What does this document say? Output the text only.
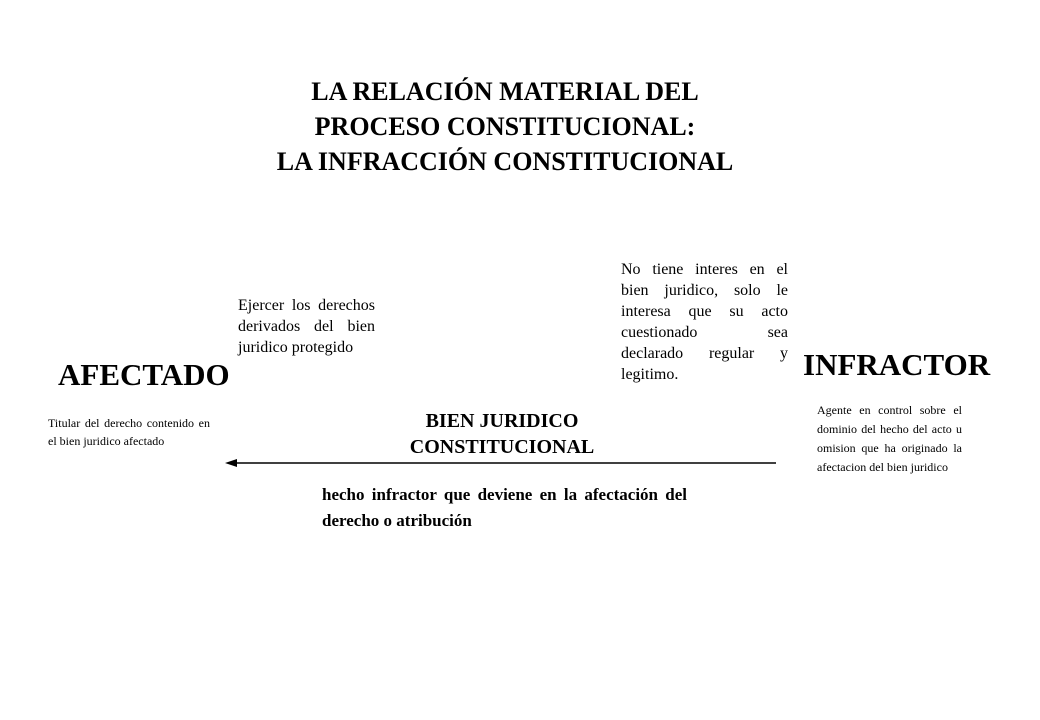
LA RELACIÓN MATERIAL DEL
PROCESO CONSTITUCIONAL:
LA INFRACCIÓN CONSTITUCIONAL
No tiene interes en el bien juridico, solo le interesa que su acto cuestionado sea declarado regular y legitimo.
Ejercer los derechos derivados del bien juridico protegido
AFECTADO	INFRACTOR
Titular del derecho contenido en el bien juridico afectado
Agente en control sobre el dominio del hecho del acto u omision que ha originado la afectacion del bien juridico
BIEN JURIDICO
CONSTITUCIONAL
hecho infractor que deviene en la afectación del derecho o atribución
